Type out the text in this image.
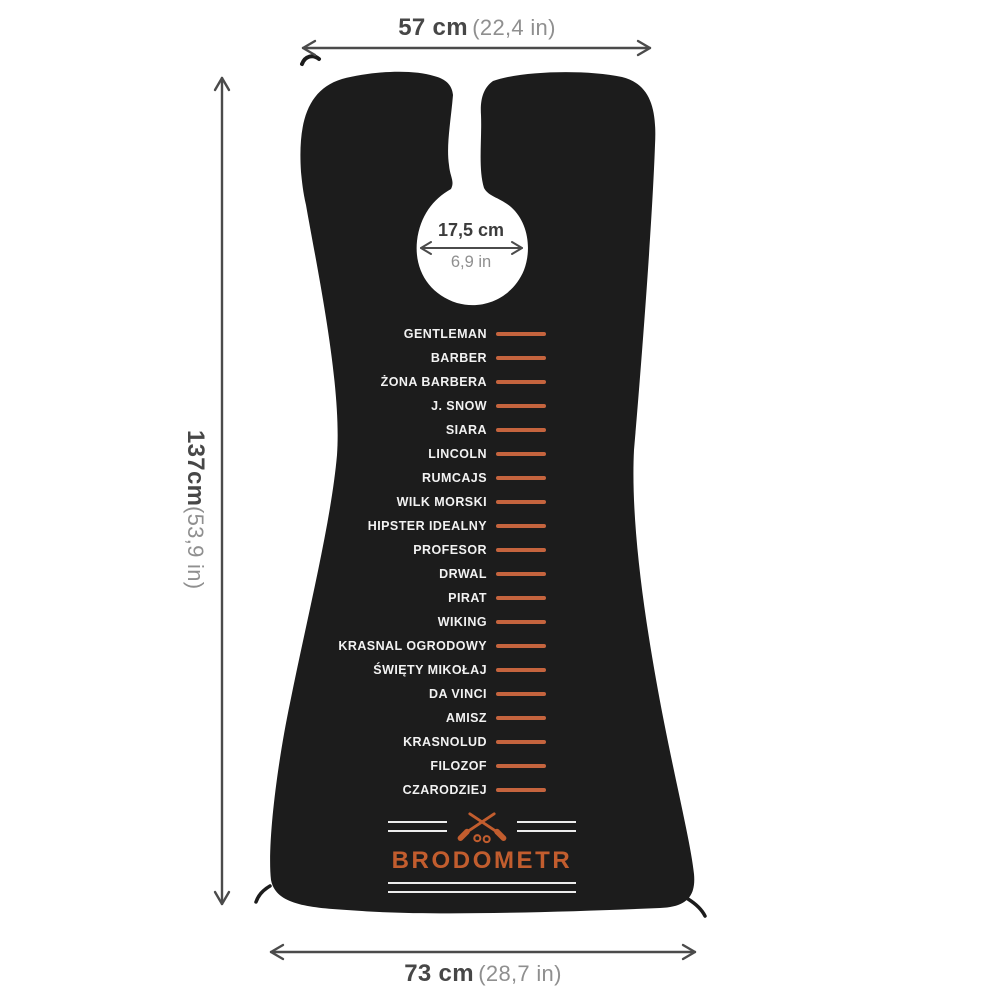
57 cm (22,4 in)
137cm
(53,9 in)
17,5 cm
6,9 in
73 cm (28,7 in)
GENTLEMAN
BARBER
ŻONA BARBERA
J. SNOW
SIARA
LINCOLN
RUMCAJS
WILK MORSKI
HIPSTER IDEALNY
PROFESOR
DRWAL
PIRAT
WIKING
KRASNAL OGRODOWY
ŚWIĘTY MIKOŁAJ
DA VINCI
AMISZ
KRASNOLUD
FILOZOF
CZARODZIEJ
BRODOMETR
